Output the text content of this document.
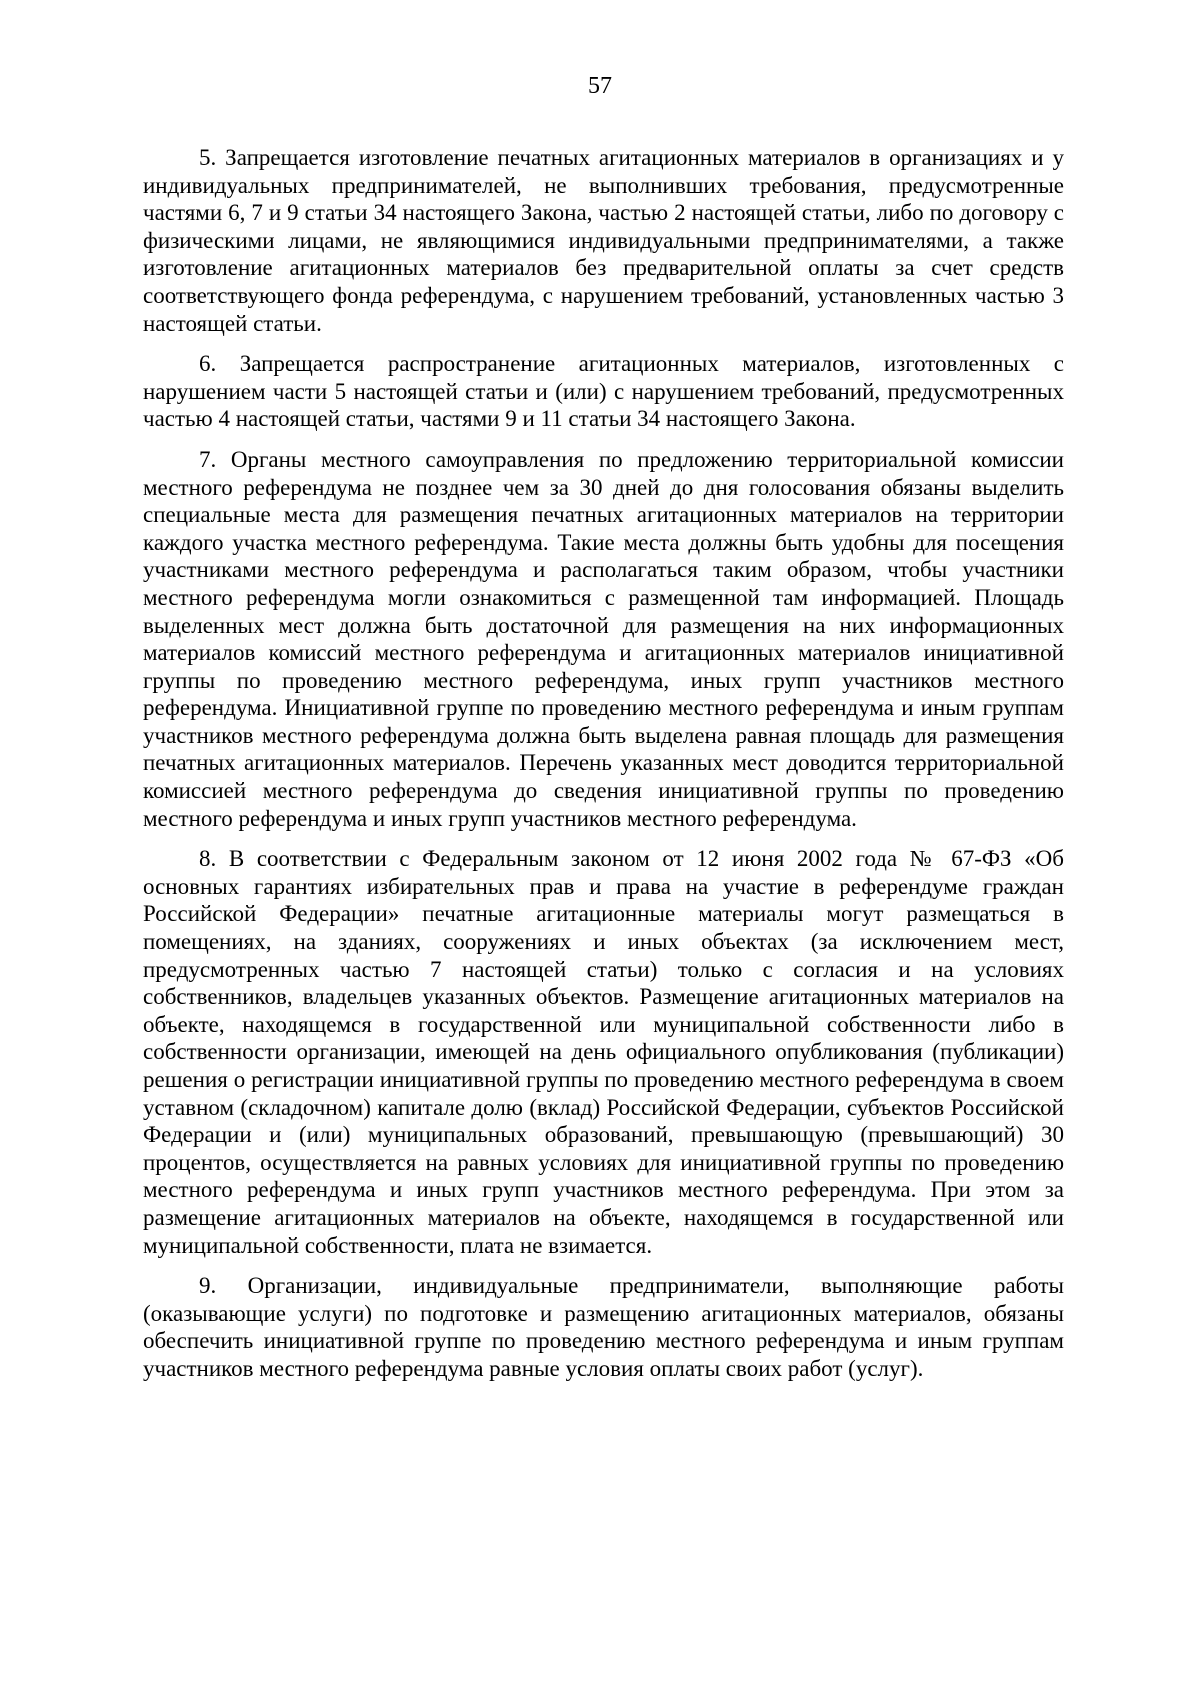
57

5. Запрещается изготовление печатных агитационных материалов в организациях и у индивидуальных предпринимателей, не выполнивших требования, предусмотренные частями 6, 7 и 9 статьи 34 настоящего Закона, частью 2 настоящей статьи, либо по договору с физическими лицами, не являющимися индивидуальными предпринимателями, а также изготовление агитационных материалов без предварительной оплаты за счет средств соответствующего фонда референдума, с нарушением требований, установленных частью 3 настоящей статьи.

6. Запрещается распространение агитационных материалов, изготовленных с нарушением части 5 настоящей статьи и (или) с нарушением требований, предусмотренных частью 4 настоящей статьи, частями 9 и 11 статьи 34 настоящего Закона.

7. Органы местного самоуправления по предложению территориальной комиссии местного референдума не позднее чем за 30 дней до дня голосования обязаны выделить специальные места для размещения печатных агитационных материалов на территории каждого участка местного референдума. Такие места должны быть удобны для посещения участниками местного референдума и располагаться таким образом, чтобы участники местного референдума могли ознакомиться с размещенной там информацией. Площадь выделенных мест должна быть достаточной для размещения на них информационных материалов комиссий местного референдума и агитационных материалов инициативной группы по проведению местного референдума, иных групп участников местного референдума. Инициативной группе по проведению местного референдума и иным группам участников местного референдума должна быть выделена равная площадь для размещения печатных агитационных материалов. Перечень указанных мест доводится территориальной комиссией местного референдума до сведения инициативной группы по проведению местного референдума и иных групп участников местного референдума.

8. В соответствии с Федеральным законом от 12 июня 2002 года № 67-ФЗ «Об основных гарантиях избирательных прав и права на участие в референдуме граждан Российской Федерации» печатные агитационные материалы могут размещаться в помещениях, на зданиях, сооружениях и иных объектах (за исключением мест, предусмотренных частью 7 настоящей статьи) только с согласия и на условиях собственников, владельцев указанных объектов. Размещение агитационных материалов на объекте, находящемся в государственной или муниципальной собственности либо в собственности организации, имеющей на день официального опубликования (публикации) решения о регистрации инициативной группы по проведению местного референдума в своем уставном (складочном) капитале долю (вклад) Российской Федерации, субъектов Российской Федерации и (или) муниципальных образований, превышающую (превышающий) 30 процентов, осуществляется на равных условиях для инициативной группы по проведению местного референдума и иных групп участников местного референдума. При этом за размещение агитационных материалов на объекте, находящемся в государственной или муниципальной собственности, плата не взимается.

9. Организации, индивидуальные предприниматели, выполняющие работы (оказывающие услуги) по подготовке и размещению агитационных материалов, обязаны обеспечить инициативной группе по проведению местного референдума и иным группам участников местного референдума равные условия оплаты своих работ (услуг).
